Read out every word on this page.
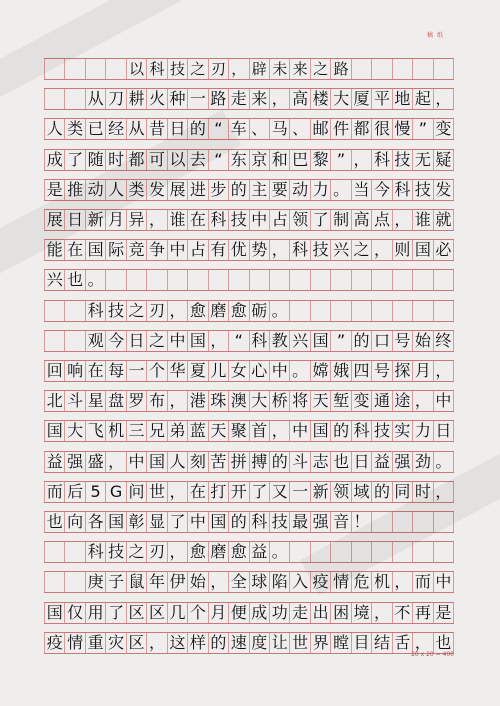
稿 纸
以 科 技 之 刃 ， 辟 未 来 之 路
从 刀 耕 火 种 一 路 走 来 ， 高 楼 大 厦 平 地 起 ，
人 类 已 经 从 昔 日 的 “ 车 、 马 、 邮 件 都 很 慢 ” 变
成 了 随 时 都 可 以 去 “ 东 京 和 巴 黎 ” ， 科 技 无 疑
是 推 动 人 类 发 展 进 步 的 主 要 动 力 。 当 今 科 技 发
展 日 新 月 异 ， 谁 在 科 技 中 占 领 了 制 高 点 ， 谁 就
能 在 国 际 竞 争 中 占 有 优 势 ， 科 技 兴 之 ， 则 国 必
兴 也 。
科 技 之 刃 ， 愈 磨 愈 砺 。
观 今 日 之 中 国 ， “ 科 教 兴 国 ” 的 口 号 始 终
回 响 在 每 一 个 华 夏 儿 女 心 中 。 嫦 娥 四 号 探 月 ，
北 斗 星 盘 罗 布 ， 港 珠 澳 大 桥 将 天 堑 变 通 途 ， 中
国 大 飞 机 三 兄 弟 蓝 天 聚 首 ， 中 国 的 科 技 实 力 日
益 强 盛 ， 中 国 人 刻 苦 拼 搏 的 斗 志 也 日 益 强 劲 。
而 后 5 G 问 世 ， 在 打 开 了 又 一 新 领 域 的 同 时 ，
也 向 各 国 彰 显 了 中 国 的 科 技 最 强 音 ！
科 技 之 刃 ， 愈 磨 愈 益 。
庚 子 鼠 年 伊 始 ， 全 球 陷 入 疫 情 危 机 ， 而 中
国 仅 用 了 区 区 几 个 月 便 成 功 走 出 困 境 ， 不 再 是
疫 情 重 灾 区 ， 这 样 的 速 度 让 世 界 瞠 目 结 舌 ， 也
20 x 20 = 400
